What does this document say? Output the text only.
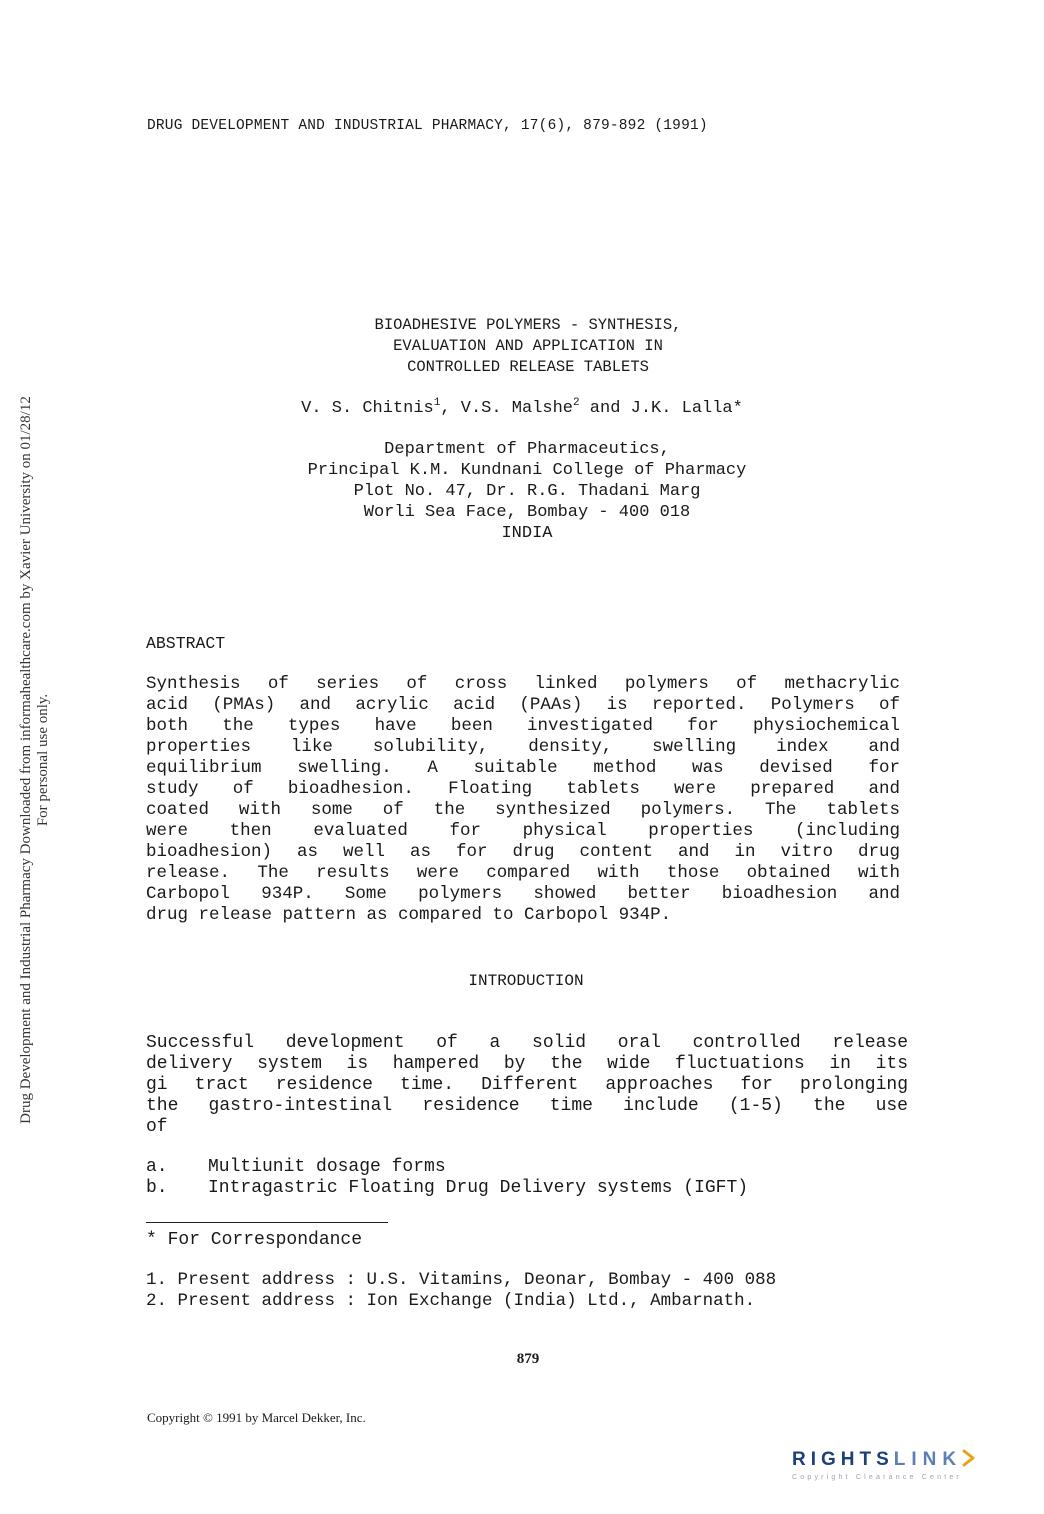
DRUG DEVELOPMENT AND INDUSTRIAL PHARMACY, 17(6), 879-892 (1991)
Drug Development and Industrial Pharmacy Downloaded from informahealthcare.com by Xavier University on 01/28/12 For personal use only.
BIOADHESIVE POLYMERS - SYNTHESIS,
EVALUATION AND APPLICATION IN
CONTROLLED RELEASE TABLETS
V. S. Chitnis$^1$, V.S. Malshe$^2$ and J.K. Lalla*
Department of Pharmaceutics,
Principal K.M. Kundnani College of Pharmacy
Plot No. 47, Dr. R.G. Thadani Marg
Worli Sea Face, Bombay - 400 018
INDIA
ABSTRACT
Synthesis of series of cross linked polymers of methacrylic
acid (PMAs) and acrylic acid (PAAs) is reported. Polymers of
both the types have been investigated for physiochemical
properties like solubility, density, swelling index and
equilibrium swelling. A suitable method was devised for
study of bioadhesion. Floating tablets were prepared and
coated with some of the synthesized polymers. The tablets
were then evaluated for physical properties (including
bioadhesion) as well as for drug content and in vitro drug
release. The results were compared with those obtained with
Carbopol 934P. Some polymers showed better bioadhesion and
drug release pattern as compared to Carbopol 934P.
INTRODUCTION
Successful development of a solid oral controlled release
delivery system is hampered by the wide fluctuations in its
gi tract residence time. Different approaches for prolonging
the gastro-intestinal residence time include (1-5) the use
of
a.	Multiunit dosage forms
b.	Intragastric Floating Drug Delivery systems (IGFT)
* For Correspondance
1. Present address : U.S. Vitamins, Deonar, Bombay - 400 088
2. Present address : Ion Exchange (India) Ltd., Ambarnath.
879
Copyright © 1991 by Marcel Dekker, Inc.
RIGHTSLINK
Copyright Clearance Center
